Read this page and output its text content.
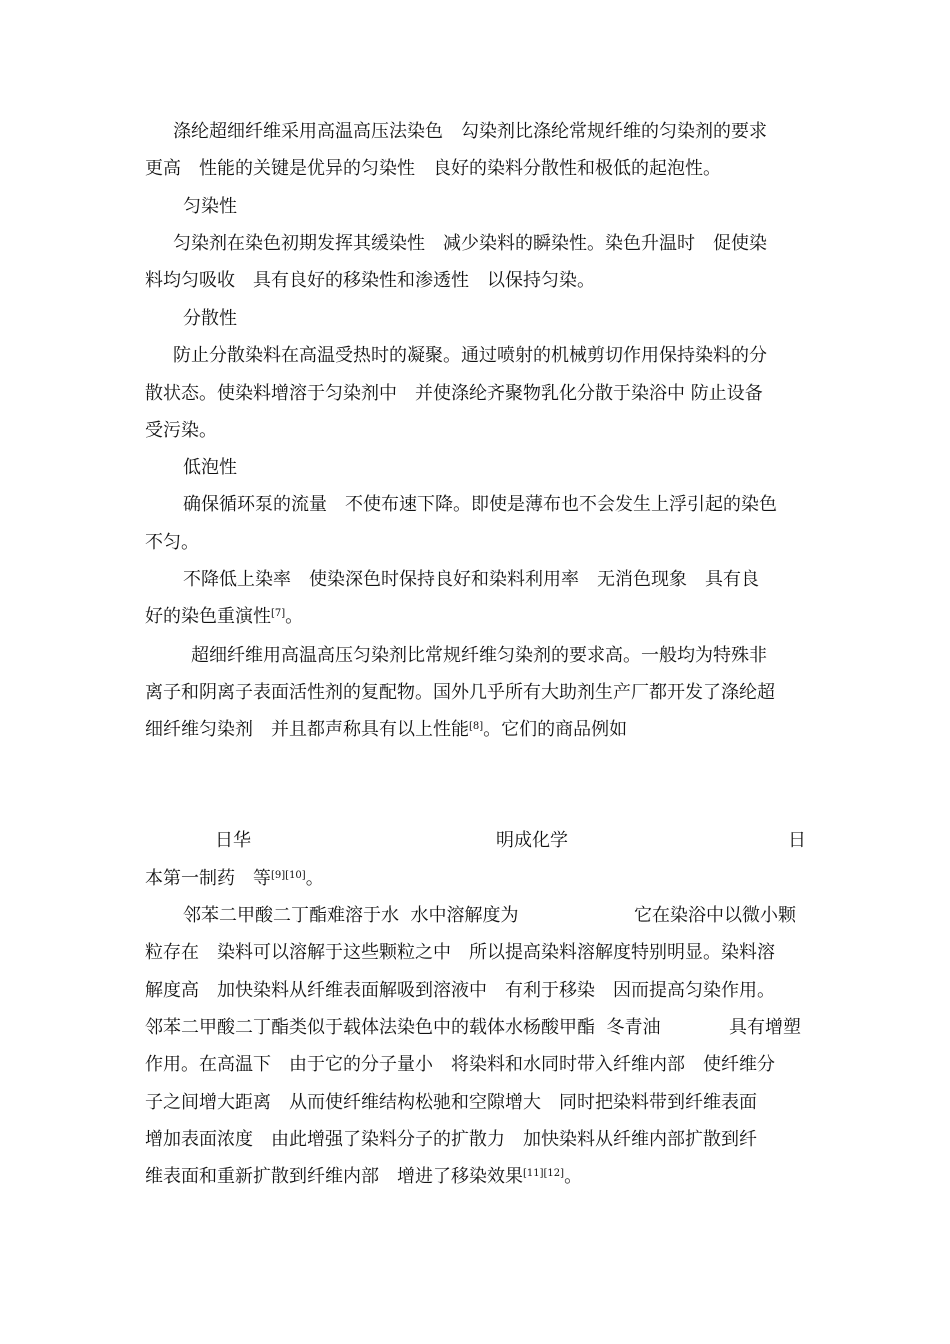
涤纶超细纤维采用高温高压法染色　勾染剂比涤纶常规纤维的匀染剂的要求
更高　性能的关键是优异的匀染性　良好的染料分散性和极低的起泡性。
匀染性
匀染剂在染色初期发挥其缓染性　减少染料的瞬染性。染色升温时　促使染
料均匀吸收　具有良好的移染性和渗透性　以保持匀染。
分散性
防止分散染料在高温受热时的凝聚。通过喷射的机械剪切作用保持染料的分
散状态。使染料增溶于匀染剂中　并使涤纶齐聚物乳化分散于染浴中 防止设备
受污染。
低泡性
确保循环泵的流量　不使布速下降。即使是薄布也不会发生上浮引起的染色
不匀。
不降低上染率　使染深色时保持良好和染料利用率　无消色现象　具有良
好的染色重演性[7]。
超细纤维用高温高压匀染剂比常规纤维匀染剂的要求高。一般均为特殊非
离子和阴离子表面活性剂的复配物。国外几乎所有大助剂生产厂都开发了涤纶超
细纤维匀染剂　并且都声称具有以上性能[8]。它们的商品例如
日华	明成化学	日
本第一制药　等[9][10]。
邻苯二甲酸二丁酯难溶于水  水中溶解度为	它在染浴中以微小颗
粒存在　染料可以溶解于这些颗粒之中　所以提高染料溶解度特别明显。染料溶
解度高　加快染料从纤维表面解吸到溶液中　有利于移染　因而提高匀染作用。
邻苯二甲酸二丁酯类似于载体法染色中的载体水杨酸甲酯  冬青油	具有增塑
作用。在高温下　由于它的分子量小　将染料和水同时带入纤维内部　使纤维分
子之间增大距离　从而使纤维结构松驰和空隙增大　同时把染料带到纤维表面
增加表面浓度　由此增强了染料分子的扩散力　加快染料从纤维内部扩散到纤
维表面和重新扩散到纤维内部　增进了移染效果[11][12]。
